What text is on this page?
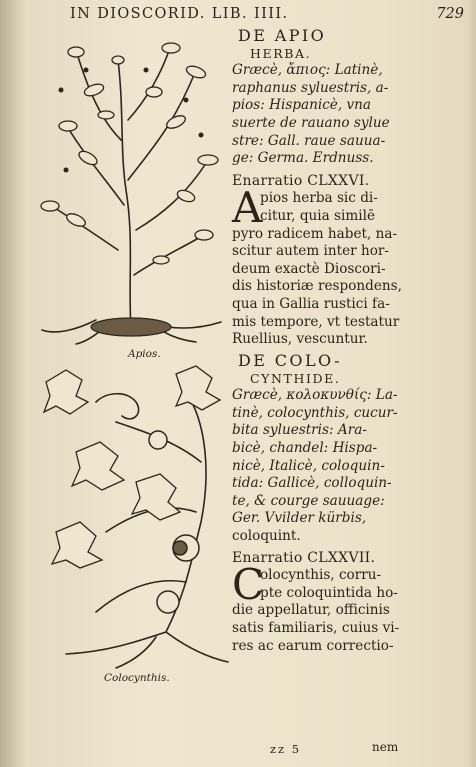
IN DIOSCORID. LIB. IIII.	729
Apios.
Colocynthis.
DE APIO
HERBA.
Græcè, ἄπιος: Latinè,
raphanus syluestris, a-
pios: Hispanicè, vna
suerte de rauano sylue
stre: Gall. raue sauua-
ge: Germa. Erdnuss.
Enarratio CLXXVI.
A
pios herba sic di-
citur, quia similē
pyro radicem habet, na-
scitur autem inter hor-
deum exactè Dioscori-
dis historiæ respondens,
qua in Gallia rustici fa-
mis tempore, vt testatur
Ruellius, vescuntur.
DE COLO-
CYNTHIDE.
Græcè, κολοκυνθίς: La-
tinè, colocynthis, cucur-
bita syluestris: Ara-
bicè, chandel: Hispa-
nicè, Italicè, coloquin-
tida: Gallicè, colloquin-
te, & courge sauuage:
Ger. Vvilder kürbis,
coloquint.
Enarratio CLXXVII.
C
olocynthis, corru-
pte coloquintida ho-
die appellatur, officinis
satis familiaris, cuius vi-
res ac earum correctio-
zz 5	nem
